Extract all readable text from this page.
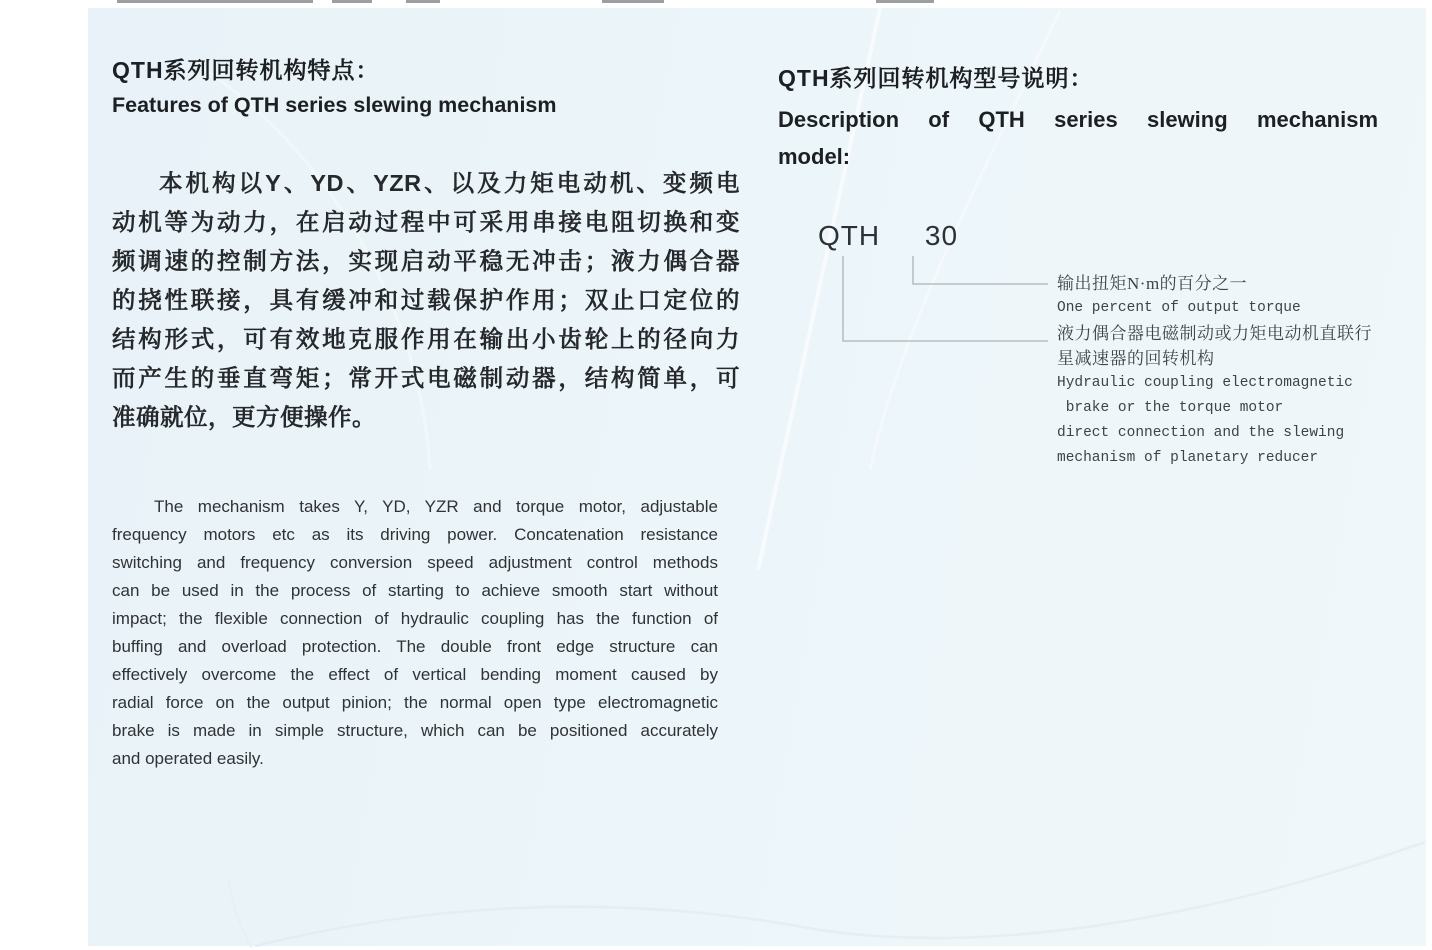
QTH系列回转机构特点：
Features of QTH series slewing mechanism
本机构以Y、YD、YZR、以及力矩电动机、变频电
动机等为动力，在启动过程中可采用串接电阻切换和变
频调速的控制方法，实现启动平稳无冲击；液力偶合器
的挠性联接，具有缓冲和过载保护作用；双止口定位的
结构形式，可有效地克服作用在输出小齿轮上的径向力
而产生的垂直弯矩；常开式电磁制动器，结构简单，可
准确就位，更方便操作。
The mechanism takes Y, YD, YZR and torque motor, adjustable
frequency motors etc as its driving power. Concatenation resistance
switching and frequency conversion speed adjustment control methods
can be used in the process of starting to achieve smooth start without
impact; the flexible connection of hydraulic coupling has the function of
buffing and overload protection. The double front edge structure can
effectively overcome the effect of vertical bending moment caused by
radial force on the output pinion; the normal open type electromagnetic
brake is made in simple structure, which can be positioned accurately
and operated easily.
QTH系列回转机构型号说明：
Description of QTH series slewing mechanism
model:
QTH 30
输出扭矩N·m的百分之一
One percent of output torque
液力偶合器电磁制动或力矩电动机直联行
星减速器的回转机构
Hydraulic coupling electromagnetic
brake or the torque motor
direct connection and the slewing
mechanism of planetary reducer
